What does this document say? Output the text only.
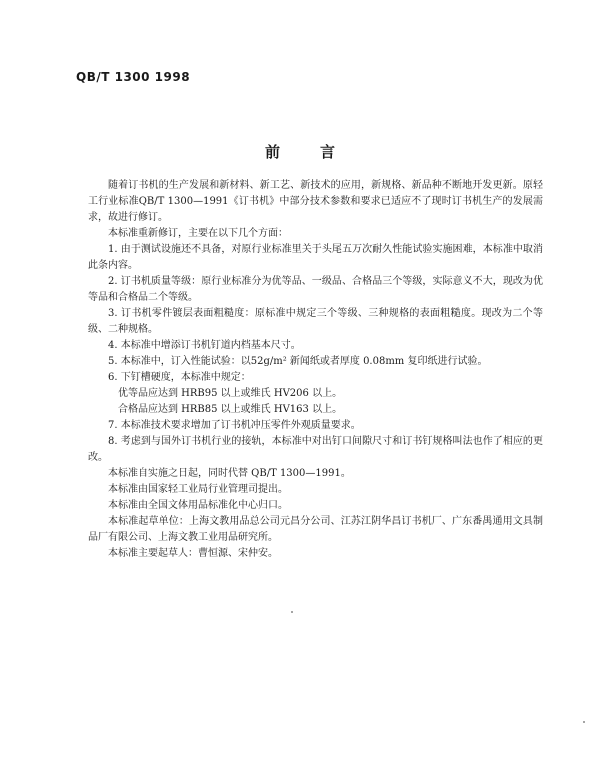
QB/T 1300 1998
前言

随着订书机的生产发展和新材料、新工艺、新技术的应用，新规格、新品种不断地开发更新。原轻工行业标准QB/T 1300—1991《订书机》中部分技术参数和要求已适应不了现时订书机生产的发展需求，故进行修订。

本标准重新修订，主要在以下几个方面：

1. 由于测试设施还不具备，对原行业标准里关于头尾五万次耐久性能试验实施困难，本标准中取消此条内容。

2. 订书机质量等级：原行业标准分为优等品、一级品、合格品三个等级，实际意义不大，现改为优等品和合格品二个等级。

3. 订书机零件镀层表面粗糙度：原标准中规定三个等级、三种规格的表面粗糙度。现改为二个等级、二种规格。

4. 本标准中增添订书机钉道内档基本尺寸。

5. 本标准中，订入性能试验：以52g/m² 新闻纸或者厚度 0.08mm 复印纸进行试验。

6. 下钉槽硬度，本标准中规定：

优等品应达到 HRB95 以上或维氏 HV206 以上。

合格品应达到 HRB85 以上或维氏 HV163 以上。

7. 本标准技术要求增加了订书机冲压零件外观质量要求。

8. 考虑到与国外订书机行业的接轨，本标准中对出钉口间隙尺寸和订书钉规格叫法也作了相应的更改。

本标准自实施之日起，同时代替 QB/T 1300—1991。

本标准由国家轻工业局行业管理司提出。

本标准由全国文体用品标准化中心归口。

本标准起草单位：上海文教用品总公司元昌分公司、江苏江阴华昌订书机厂、广东番禺通用文具制品厂有限公司、上海文教工业用品研究所。

本标准主要起草人：曹恒源、宋仲安。
